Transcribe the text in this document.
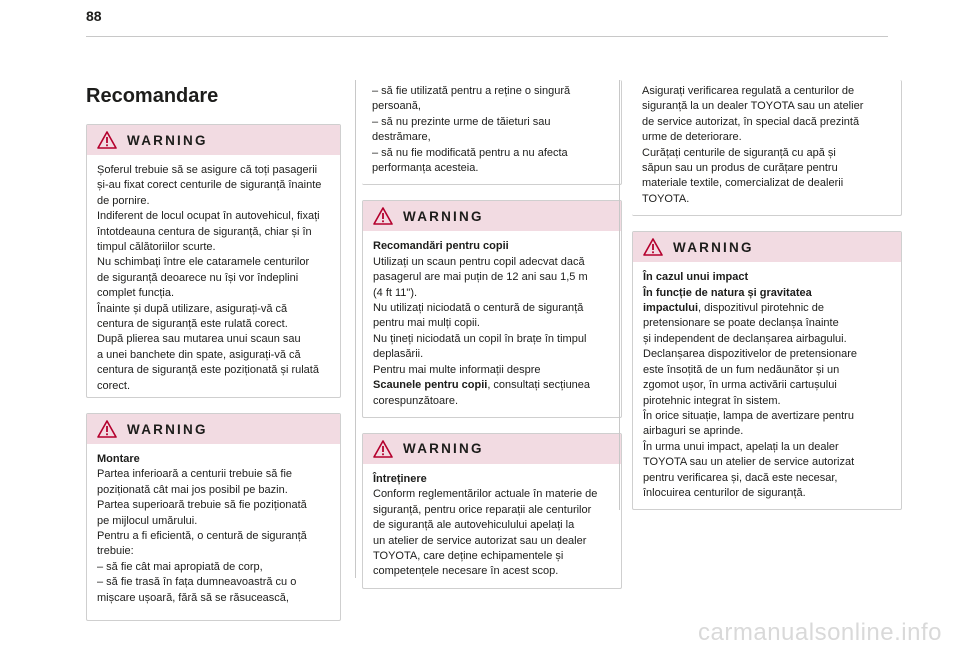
88
Recomandare
WARNING

Șoferul trebuie să se asigure că toți pasagerii

și-au fixat corect centurile de siguranță înainte

de pornire.

Indiferent de locul ocupat în autovehicul, fixați

întotdeauna centura de siguranță, chiar și în

timpul călătoriilor scurte.

Nu schimbați între ele cataramele centurilor

de siguranță deoarece nu își vor îndeplini

complet funcția.

Înainte și după utilizare, asigurați-vă că

centura de siguranță este rulată corect.

După plierea sau mutarea unui scaun sau

a unei banchete din spate, asigurați-vă că

centura de siguranță este poziționată și rulată

corect.

WARNING

Montare

Partea inferioară a centurii trebuie să fie

poziționată cât mai jos posibil pe bazin.

Partea superioară trebuie să fie poziționată

pe mijlocul umărului.

Pentru a fi eficientă, o centură de siguranță

trebuie:

– să fie cât mai apropiată de corp,

– să fie trasă în fața dumneavoastră cu o

mișcare ușoară, fără să se răsucească,

– să fie utilizată pentru a reține o singură

persoană,

– să nu prezinte urme de tăieturi sau

destrămare,

– să nu fie modificată pentru a nu afecta

performanța acesteia.

WARNING

Recomandări pentru copii

Utilizați un scaun pentru copil adecvat dacă

pasagerul are mai puțin de 12 ani sau 1,5 m

(4 ft 11").

Nu utilizați niciodată o centură de siguranță

pentru mai mulți copii.

Nu țineți niciodată un copil în brațe în timpul

deplasării.

Pentru mai multe informații despre

Scaunele pentru copii, consultați secțiunea

corespunzătoare.

WARNING

Întreținere

Conform reglementărilor actuale în materie de

siguranță, pentru orice reparații ale centurilor

de siguranță ale autovehiculului apelați la

un atelier de service autorizat sau un dealer

TOYOTA, care deține echipamentele și

competențele necesare în acest scop.

Asigurați verificarea regulată a centurilor de

siguranță la un dealer TOYOTA sau un atelier

de service autorizat, în special dacă prezintă

urme de deteriorare.

Curățați centurile de siguranță cu apă și

săpun sau un produs de curățare pentru

materiale textile, comercializat de dealerii

TOYOTA.

WARNING

În cazul unui impact

În funcție de natura și gravitatea

impactului, dispozitivul pirotehnic de

pretensionare se poate declanșa înainte

și independent de declanșarea airbagului.

Declanșarea dispozitivelor de pretensionare

este însoțită de un fum nedăunător și un

zgomot ușor, în urma activării cartușului

pirotehnic integrat în sistem.

În orice situație, lampa de avertizare pentru

airbaguri se aprinde.

În urma unui impact, apelați la un dealer

TOYOTA sau un atelier de service autorizat

pentru verificarea și, dacă este necesar,

înlocuirea centurilor de siguranță.

carmanualsonline.info
